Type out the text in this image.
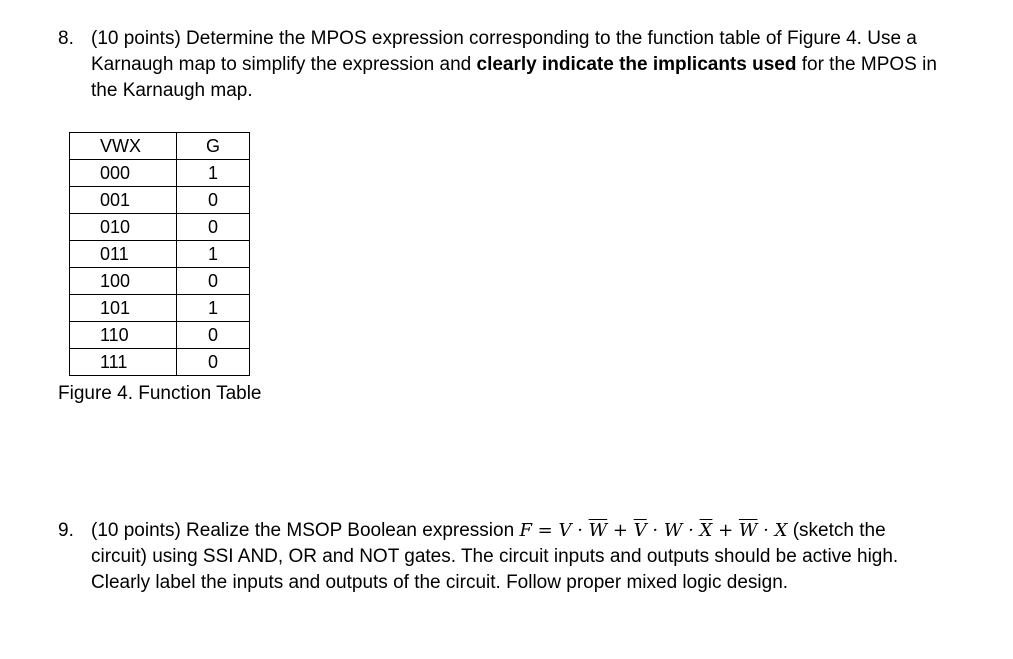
8. (10 points) Determine the MPOS expression corresponding to the function table of Figure 4. Use a Karnaugh map to simplify the expression and clearly indicate the implicants used for the MPOS in the Karnaugh map.
VWX	G
000	1
001	0
010	0
011	1
100	0
101	1
110	0
111	0
Figure 4. Function Table
9. (10 points) Realize the MSOP Boolean expression $F = V \cdot \overline{W} + \overline{V} \cdot W \cdot \overline{X} + \overline{W} \cdot X$ (sketch the circuit) using SSI AND, OR and NOT gates. The circuit inputs and outputs should be active high. Clearly label the inputs and outputs of the circuit. Follow proper mixed logic design.
